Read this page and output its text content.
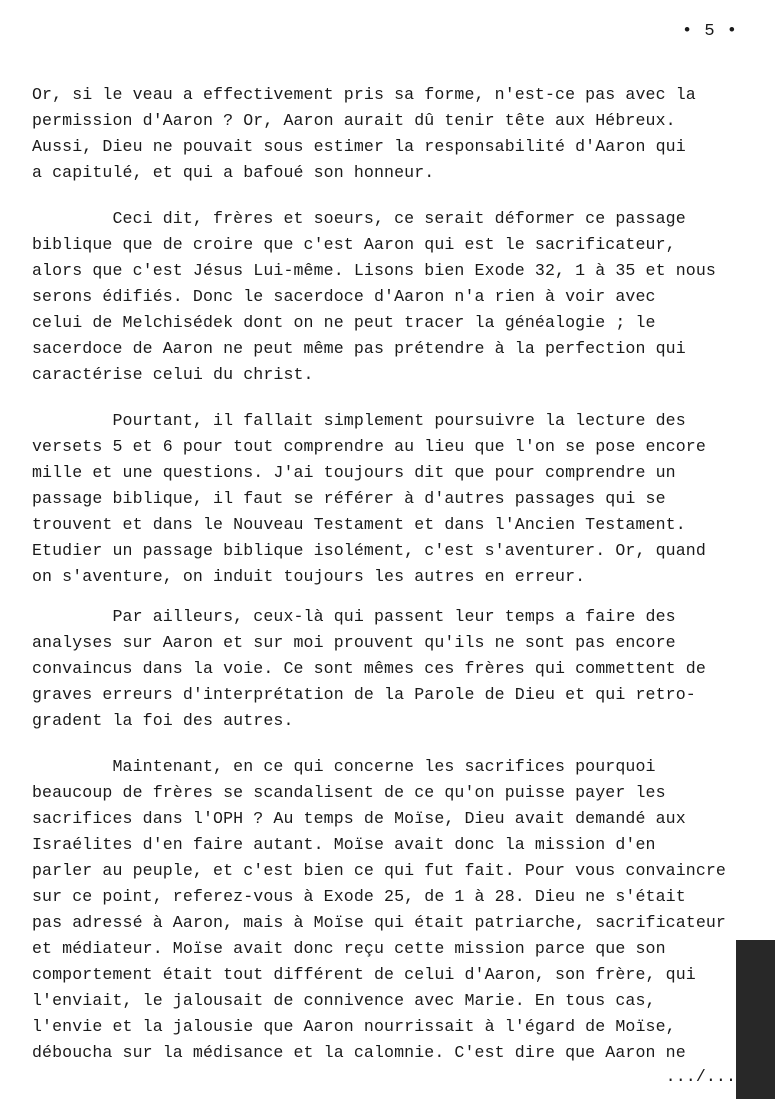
• 5 •
Or, si le veau a effectivement pris sa forme, n'est-ce pas avec la
permission d'Aaron ? Or, Aaron aurait dû tenir tête aux Hébreux.
Aussi, Dieu ne pouvait sous estimer la responsabilité d'Aaron qui
a capitulé, et qui a bafoué son honneur.
Ceci dit, frères et soeurs, ce serait déformer ce passage
biblique que de croire que c'est Aaron qui est le sacrificateur,
alors que c'est Jésus Lui-même. Lisons bien Exode 32, 1 à 35 et nous
serons édifiés. Donc le sacerdoce d'Aaron n'a rien à voir avec
celui de Melchisédek dont on ne peut tracer la généalogie ; le
sacerdoce de Aaron ne peut même pas prétendre à la perfection qui
caractérise celui du christ.
Pourtant, il fallait simplement poursuivre la lecture des
versets 5 et 6 pour tout comprendre au lieu que l'on se pose encore
mille et une questions. J'ai toujours dit que pour comprendre un
passage biblique, il faut se référer à d'autres passages qui se
trouvent et dans le Nouveau Testament et dans l'Ancien Testament.
Etudier un passage biblique isolément, c'est s'aventurer. Or, quand
on s'aventure, on induit toujours les autres en erreur.
Par ailleurs, ceux-là qui passent leur temps a faire des
analyses sur Aaron et sur moi prouvent qu'ils ne sont pas encore
convaincus dans la voie. Ce sont mêmes ces frères qui commettent de
graves erreurs d'interprétation de la Parole de Dieu et qui retro-
gradent la foi des autres.
Maintenant, en ce qui concerne les sacrifices pourquoi
beaucoup de frères se scandalisent de ce qu'on puisse payer les
sacrifices dans l'OPH ? Au temps de Moïse, Dieu avait demandé aux
Israélites d'en faire autant. Moïse avait donc la mission d'en
parler au peuple, et c'est bien ce qui fut fait. Pour vous convaincre
sur ce point, referez-vous à Exode 25, de 1 à 28. Dieu ne s'était
pas adressé à Aaron, mais à Moïse qui était patriarche, sacrificateur
et médiateur. Moïse avait donc reçu cette mission parce que son
comportement était tout différent de celui d'Aaron, son frère, qui
l'enviait, le jalousait de connivence avec Marie. En tous cas,
l'envie et la jalousie que Aaron nourrissait à l'égard de Moïse,
déboucha sur la médisance et la calomnie. C'est dire que Aaron ne
.../...
